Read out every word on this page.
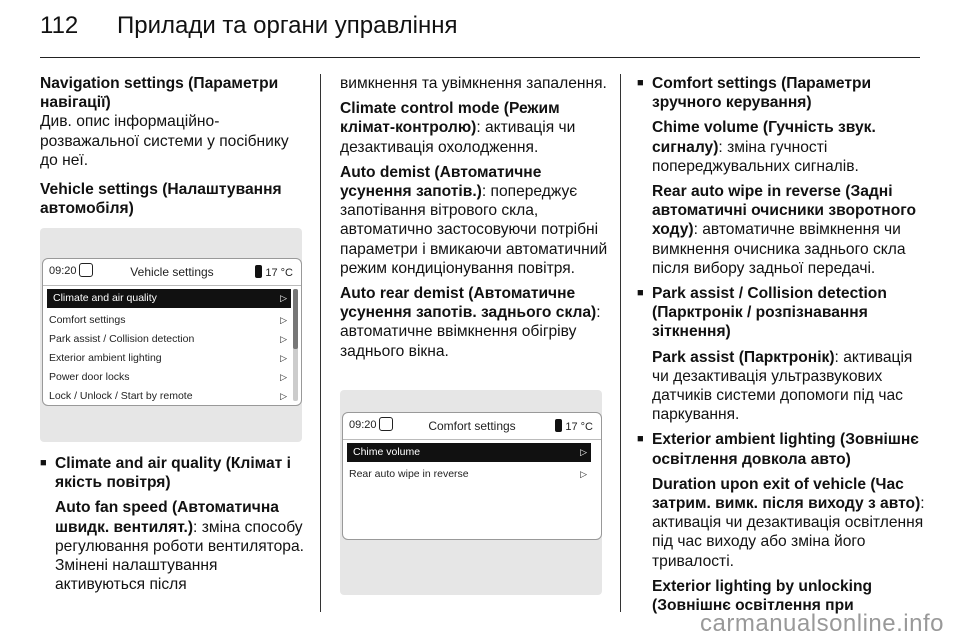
112 Прилади та органи управління

Navigation settings (Параметри навігації)

Див. опис інформаційно-розважальної системи у посібнику до неї.

Vehicle settings (Налаштування автомобіля)

09:20	Vehicle settings	17 °C
Climate and air quality	▷
Comfort settings	▷
Park assist / Collision detection	▷
Exterior ambient lighting	▷
Power door locks	▷
Lock / Unlock / Start by remote	▷

■ Climate and air quality (Клімат і якість повітря)

Auto fan speed (Автоматична швидк. вентилят.): зміна способу регулювання роботи вентилятора. Змінені налаштування активуються після

вимкнення та увімкнення запалення.

Climate control mode (Режим клімат-контролю): активація чи дезактивація охолодження.

Auto demist (Автоматичне усунення запотів.): попереджує запотівання вітрового скла, автоматично застосовуючи потрібні параметри і вмикаючи автоматичний режим кондиціонування повітря.

Auto rear demist (Автоматичне усунення запотів. заднього скла): автоматичне ввімкнення обігріву заднього вікна.

09:20	Comfort settings	17 °C
Chime volume	▷
Rear auto wipe in reverse	▷

■ Comfort settings (Параметри зручного керування)

Chime volume (Гучність звук. сигналу): зміна гучності попереджувальних сигналів.

Rear auto wipe in reverse (Задні автоматичні очисники зворотного ходу): автоматичне ввімкнення чи вимкнення очисника заднього скла після вибору задньої передачі.

■ Park assist / Collision detection (Парктронік / розпізнавання зіткнення)

Park assist (Парктронік): активація чи дезактивація ультразвукових датчиків системи допомоги під час паркування.

■ Exterior ambient lighting (Зовнішнє освітлення довкола авто)

Duration upon exit of vehicle (Час затрим. вимк. після виходу з авто): активація чи дезактивація освітлення під час виходу або зміна його тривалості.

Exterior lighting by unlocking (Зовнішнє освітлення при

carmanualsonline.info
